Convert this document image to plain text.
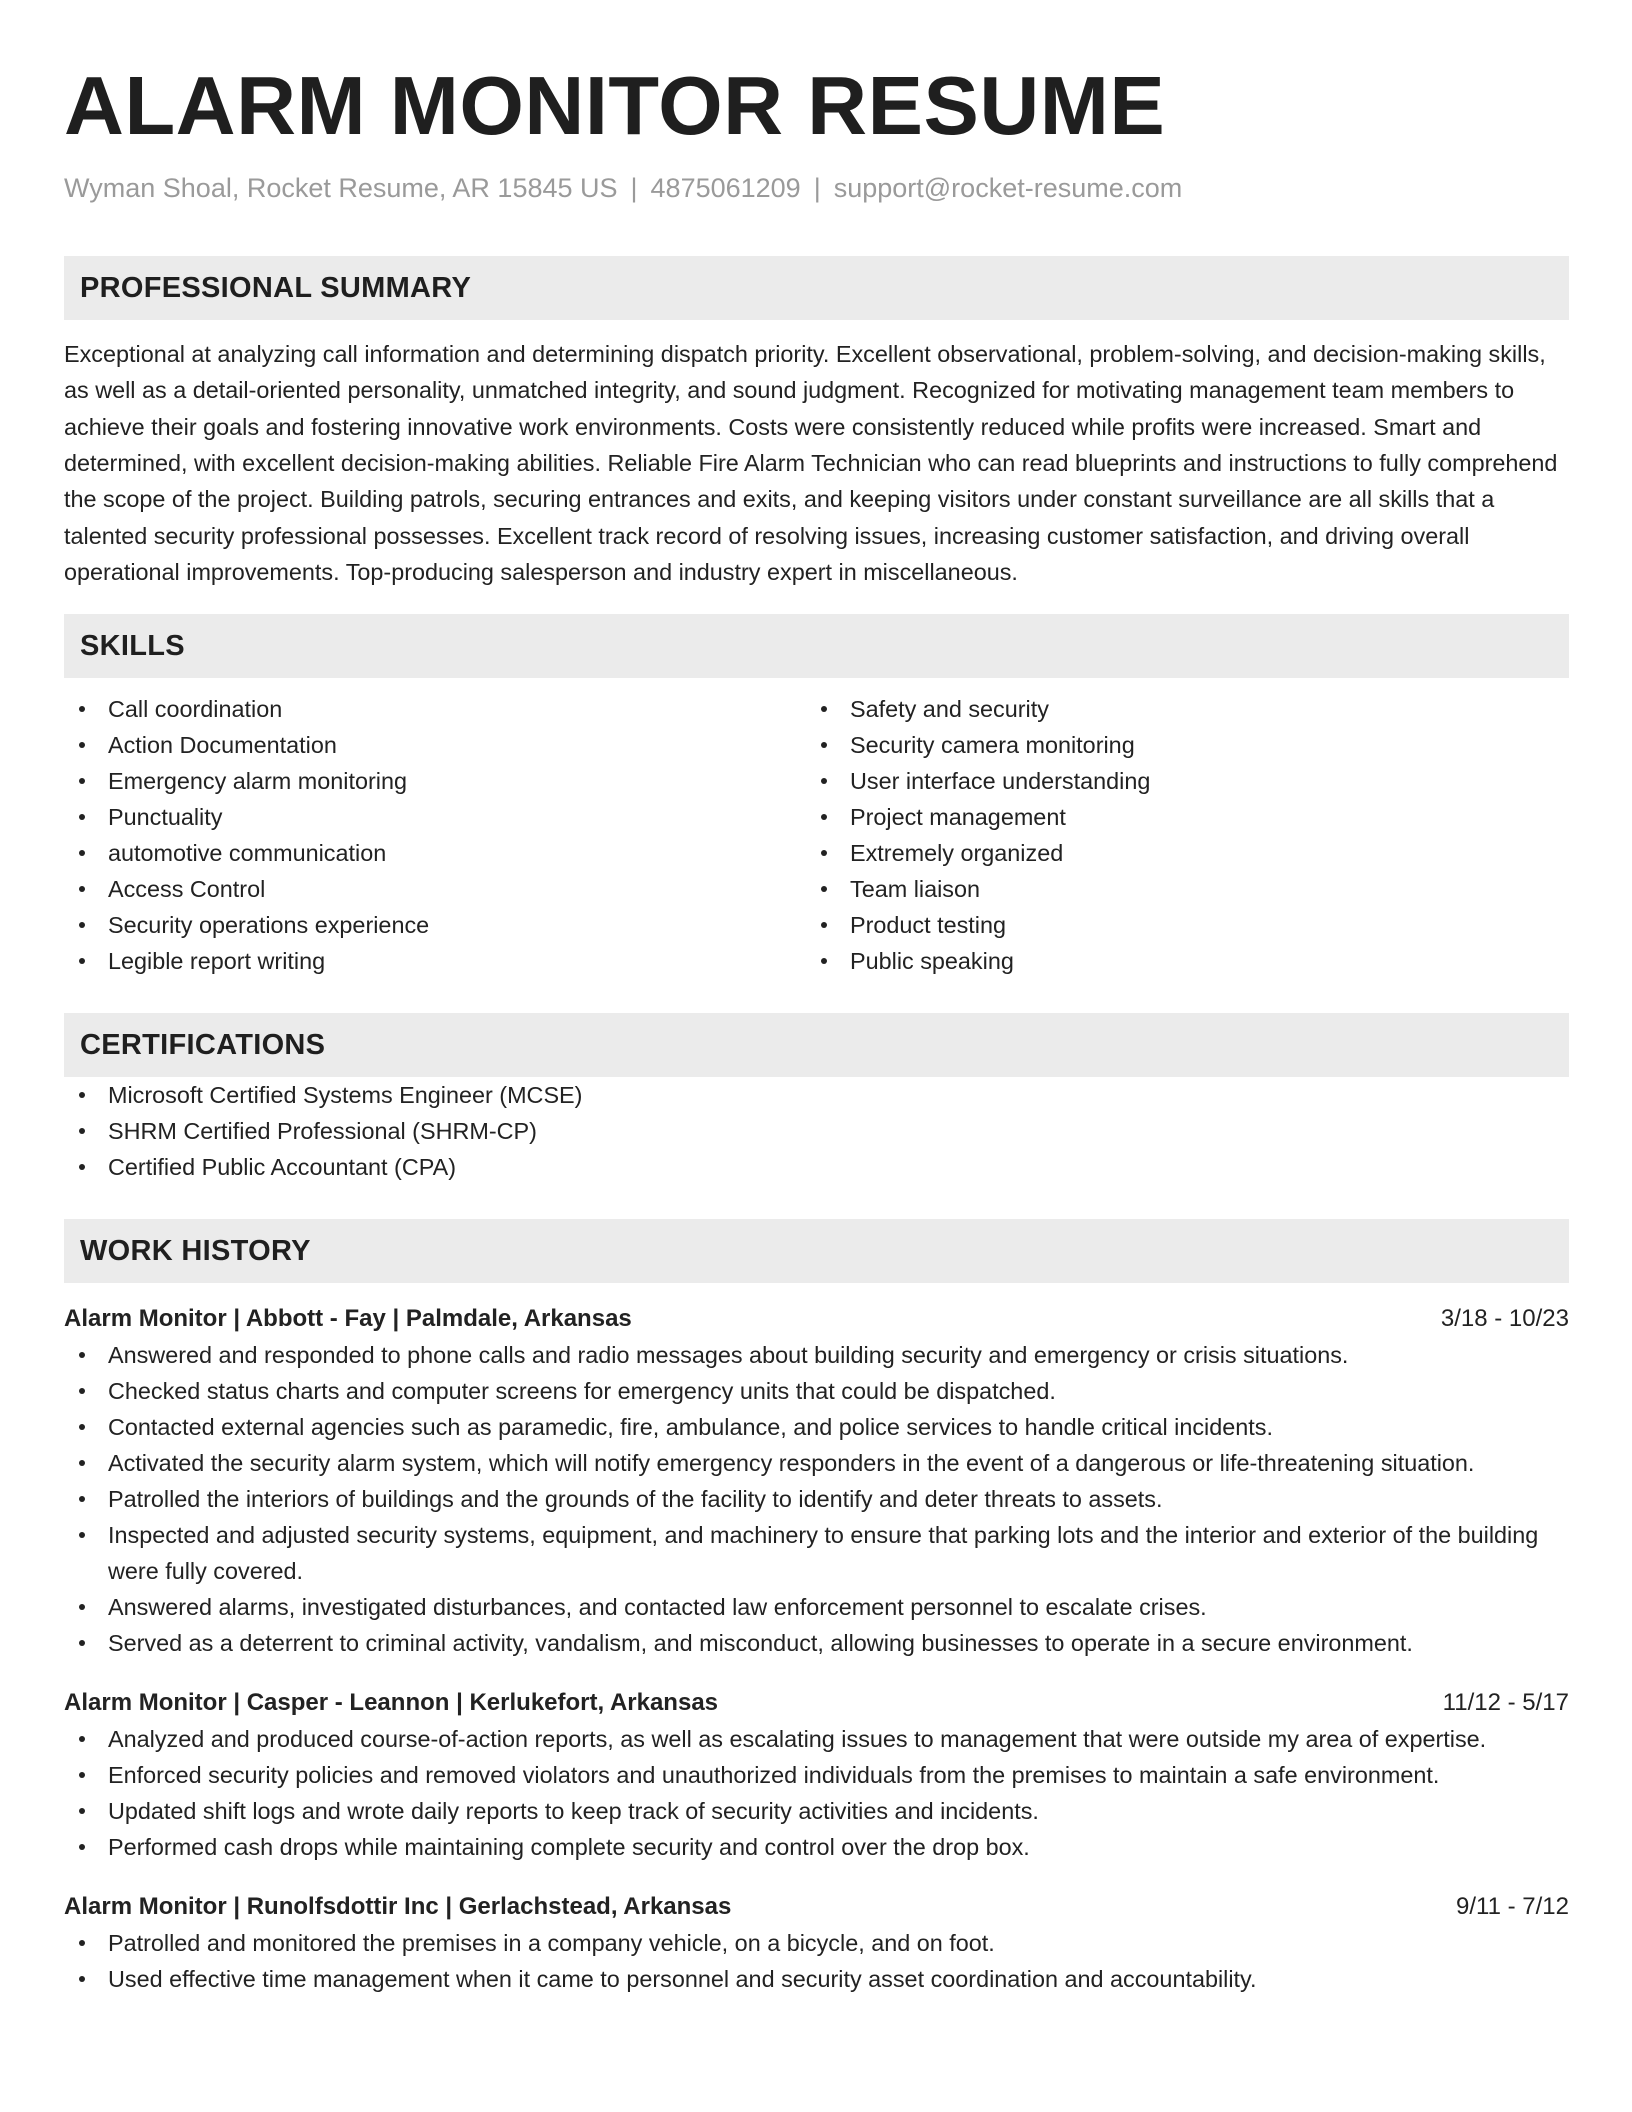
ALARM MONITOR RESUME
Wyman Shoal, Rocket Resume, AR 15845 US | 4875061209 | support@rocket-resume.com
PROFESSIONAL SUMMARY
Exceptional at analyzing call information and determining dispatch priority. Excellent observational, problem-solving, and decision-making skills, as well as a detail-oriented personality, unmatched integrity, and sound judgment. Recognized for motivating management team members to achieve their goals and fostering innovative work environments. Costs were consistently reduced while profits were increased. Smart and determined, with excellent decision-making abilities. Reliable Fire Alarm Technician who can read blueprints and instructions to fully comprehend the scope of the project. Building patrols, securing entrances and exits, and keeping visitors under constant surveillance are all skills that a talented security professional possesses. Excellent track record of resolving issues, increasing customer satisfaction, and driving overall operational improvements. Top-producing salesperson and industry expert in miscellaneous.
SKILLS
Call coordination
Action Documentation
Emergency alarm monitoring
Punctuality
automotive communication
Access Control
Security operations experience
Legible report writing
Safety and security
Security camera monitoring
User interface understanding
Project management
Extremely organized
Team liaison
Product testing
Public speaking
CERTIFICATIONS
Microsoft Certified Systems Engineer (MCSE)
SHRM Certified Professional (SHRM-CP)
Certified Public Accountant (CPA)
WORK HISTORY
Alarm Monitor | Abbott - Fay | Palmdale, Arkansas	3/18 - 10/23
Answered and responded to phone calls and radio messages about building security and emergency or crisis situations.
Checked status charts and computer screens for emergency units that could be dispatched.
Contacted external agencies such as paramedic, fire, ambulance, and police services to handle critical incidents.
Activated the security alarm system, which will notify emergency responders in the event of a dangerous or life-threatening situation.
Patrolled the interiors of buildings and the grounds of the facility to identify and deter threats to assets.
Inspected and adjusted security systems, equipment, and machinery to ensure that parking lots and the interior and exterior of the building were fully covered.
Answered alarms, investigated disturbances, and contacted law enforcement personnel to escalate crises.
Served as a deterrent to criminal activity, vandalism, and misconduct, allowing businesses to operate in a secure environment.
Alarm Monitor | Casper - Leannon | Kerlukefort, Arkansas	11/12 - 5/17
Analyzed and produced course-of-action reports, as well as escalating issues to management that were outside my area of expertise.
Enforced security policies and removed violators and unauthorized individuals from the premises to maintain a safe environment.
Updated shift logs and wrote daily reports to keep track of security activities and incidents.
Performed cash drops while maintaining complete security and control over the drop box.
Alarm Monitor | Runolfsdottir Inc | Gerlachstead, Arkansas	9/11 - 7/12
Patrolled and monitored the premises in a company vehicle, on a bicycle, and on foot.
Used effective time management when it came to personnel and security asset coordination and accountability.
